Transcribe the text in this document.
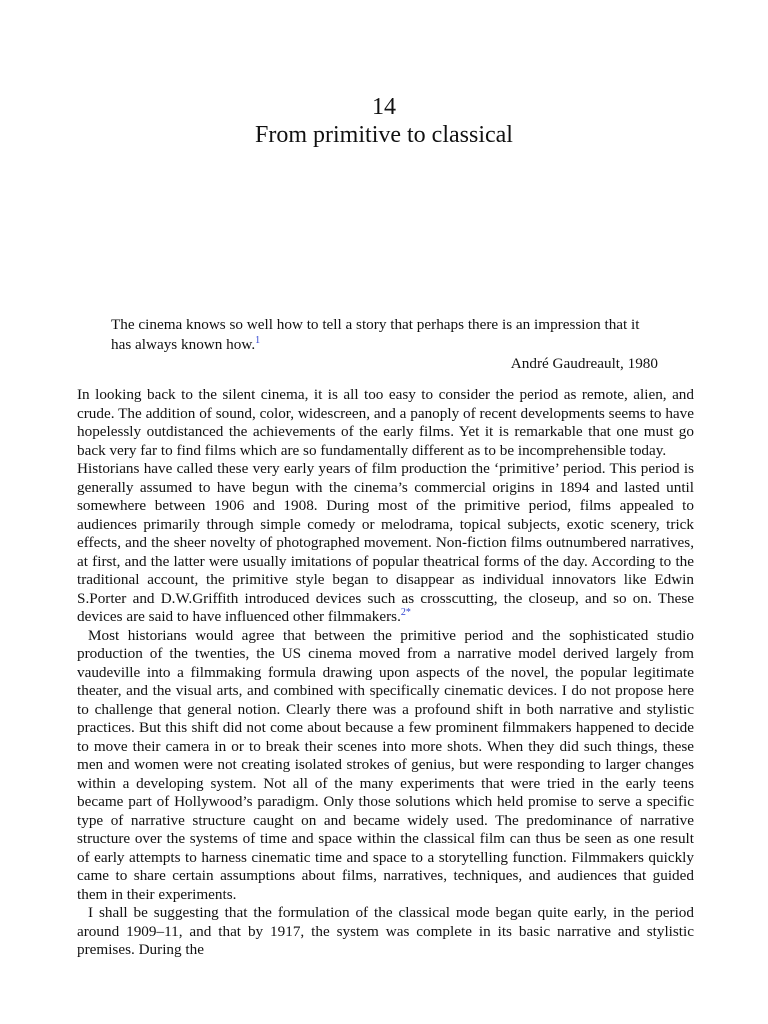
14
From primitive to classical
The cinema knows so well how to tell a story that perhaps there is an impression that it has always known how.$^1$
André Gaudreault, 1980

In looking back to the silent cinema, it is all too easy to consider the period as remote, alien, and crude. The addition of sound, color, widescreen, and a panoply of recent developments seems to have hopelessly outdistanced the achievements of the early films. Yet it is remarkable that one must go back very far to find films which are so fundamentally different as to be incomprehensible today.

Historians have called these very early years of film production the ‘primitive’ period. This period is generally assumed to have begun with the cinema’s commercial origins in 1894 and lasted until somewhere between 1906 and 1908. During most of the primitive period, films appealed to audiences primarily through simple comedy or melodrama, topical subjects, exotic scenery, trick effects, and the sheer novelty of photographed movement. Non-fiction films outnumbered narratives, at first, and the latter were usually imitations of popular theatrical forms of the day. According to the traditional account, the primitive style began to disappear as individual innovators like Edwin S.Porter and D.W.Griffith introduced devices such as crosscutting, the closeup, and so on. These devices are said to have influenced other filmmakers.$^{2*}$

Most historians would agree that between the primitive period and the sophisticated studio production of the twenties, the US cinema moved from a narrative model derived largely from vaudeville into a filmmaking formula drawing upon aspects of the novel, the popular legitimate theater, and the visual arts, and combined with specifically cinematic devices. I do not propose here to challenge that general notion. Clearly there was a profound shift in both narrative and stylistic practices. But this shift did not come about because a few prominent filmmakers happened to decide to move their camera in or to break their scenes into more shots. When they did such things, these men and women were not creating isolated strokes of genius, but were responding to larger changes within a developing system. Not all of the many experiments that were tried in the early teens became part of Hollywood’s paradigm. Only those solutions which held promise to serve a specific type of narrative structure caught on and became widely used. The predominance of narrative structure over the systems of time and space within the classical film can thus be seen as one result of early attempts to harness cinematic time and space to a storytelling function. Filmmakers quickly came to share certain assumptions about films, narratives, techniques, and audiences that guided them in their experiments.

I shall be suggesting that the formulation of the classical mode began quite early, in the period around 1909–11, and that by 1917, the system was complete in its basic narrative and stylistic premises. During the
